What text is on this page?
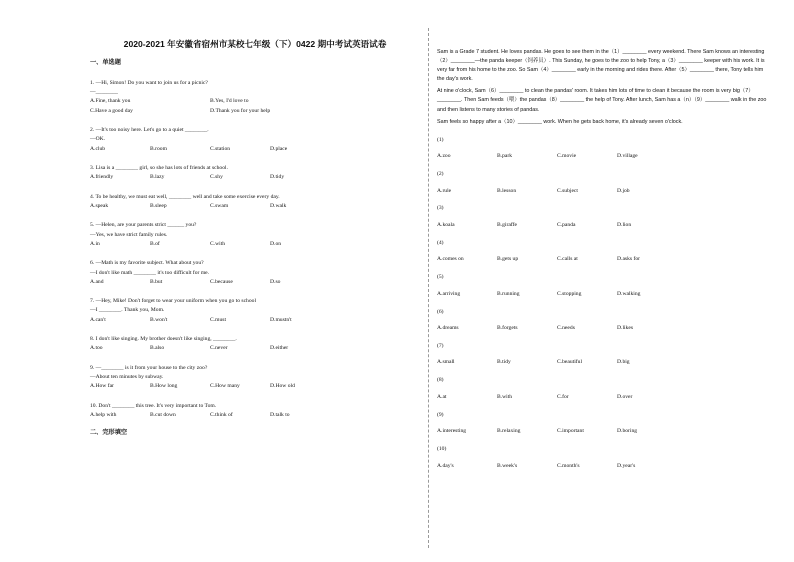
2020-2021 年安徽省宿州市某校七年级（下）0422 期中考试英语试卷
一、单选题
1. —Hi, Simon! Do you want to join us for a picnic?
—________
A.Fine, thank you	B.Yes, I'd love to
C.Have a good day	D.Thank you for your help
2. —It's too noisy here. Let's go to a quiet ________.
—OK.
A.club	B.room	C.station	D.place
3. Lisa is a ________ girl, so she has lots of friends at school.
A.friendly	B.lazy	C.shy	D.tidy
4. To be healthy, we must eat well, ________ well and take some exercise every day.
A.speak	B.sleep	C.swam	D.walk
5. —Helen, are your parents strict ______ you?
—Yes, we have strict family rules.
A.in	B.of	C.with	D.on
6. —Math is my favorite subject. What about you?
—I don't like math ________ it's too difficult for me.
A.and	B.but	C.because	D.so
7. —Hey, Mike! Don't forget to wear your uniform when you go to school
—I ________. Thank you, Mom.
A.can't	B.won't	C.must	D.mustn't
8. I don't like singing. My brother doesn't like singing, ________.
A.too	B.also	C.never	D.either
9. —________ is it from your house to the city zoo?
—About ten minutes by subway.
A.How far	B.How long	C.How many	D.How old
10. Don't ________ this tree. It's very important to Tom.
A.help with	B.cut down	C.think of	D.talk to
二、完形填空

Sam is a Grade 7 student. He loves pandas. He goes to see them in the（1）________ every weekend. There Sam knows an interesting（2）________—the panda keeper（饲养员）. This Sunday, he goes to the zoo to help Tony, a（3）________ keeper with his work. It is very far from his home to the zoo. So Sam（4）________ early in the morning and rides there. After（5）________ there, Tony tells him the day's work.

At nine o'clock, Sam（6）________ to clean the pandas' room. It takes him lots of time to clean it because the room is very big（7）________. Then Sam feeds（喂）the pandas（8）________ the help of Tony. After lunch, Sam has a（n）（9）________ walk in the zoo and then listens to many stories of pandas.

Sam feels so happy after a（10）________ work. When he gets back home, it's already seven o'clock.

(1)
A.zoo	B.park	C.movie	D.village
(2)
A.rule	B.lesson	C.subject	D.job
(3)
A.koala	B.giraffe	C.panda	D.lion
(4)
A.comes on	B.gets up	C.calls at	D.asks for
(5)
A.arriving	B.running	C.stopping	D.walking
(6)
A.dreams	B.forgets	C.needs	D.likes
(7)
A.small	B.tidy	C.beautiful	D.big
(8)
A.at	B.with	C.for	D.over
(9)
A.interesting	B.relaxing	C.important	D.boring
(10)
A.day's	B.week's	C.month's	D.year's
